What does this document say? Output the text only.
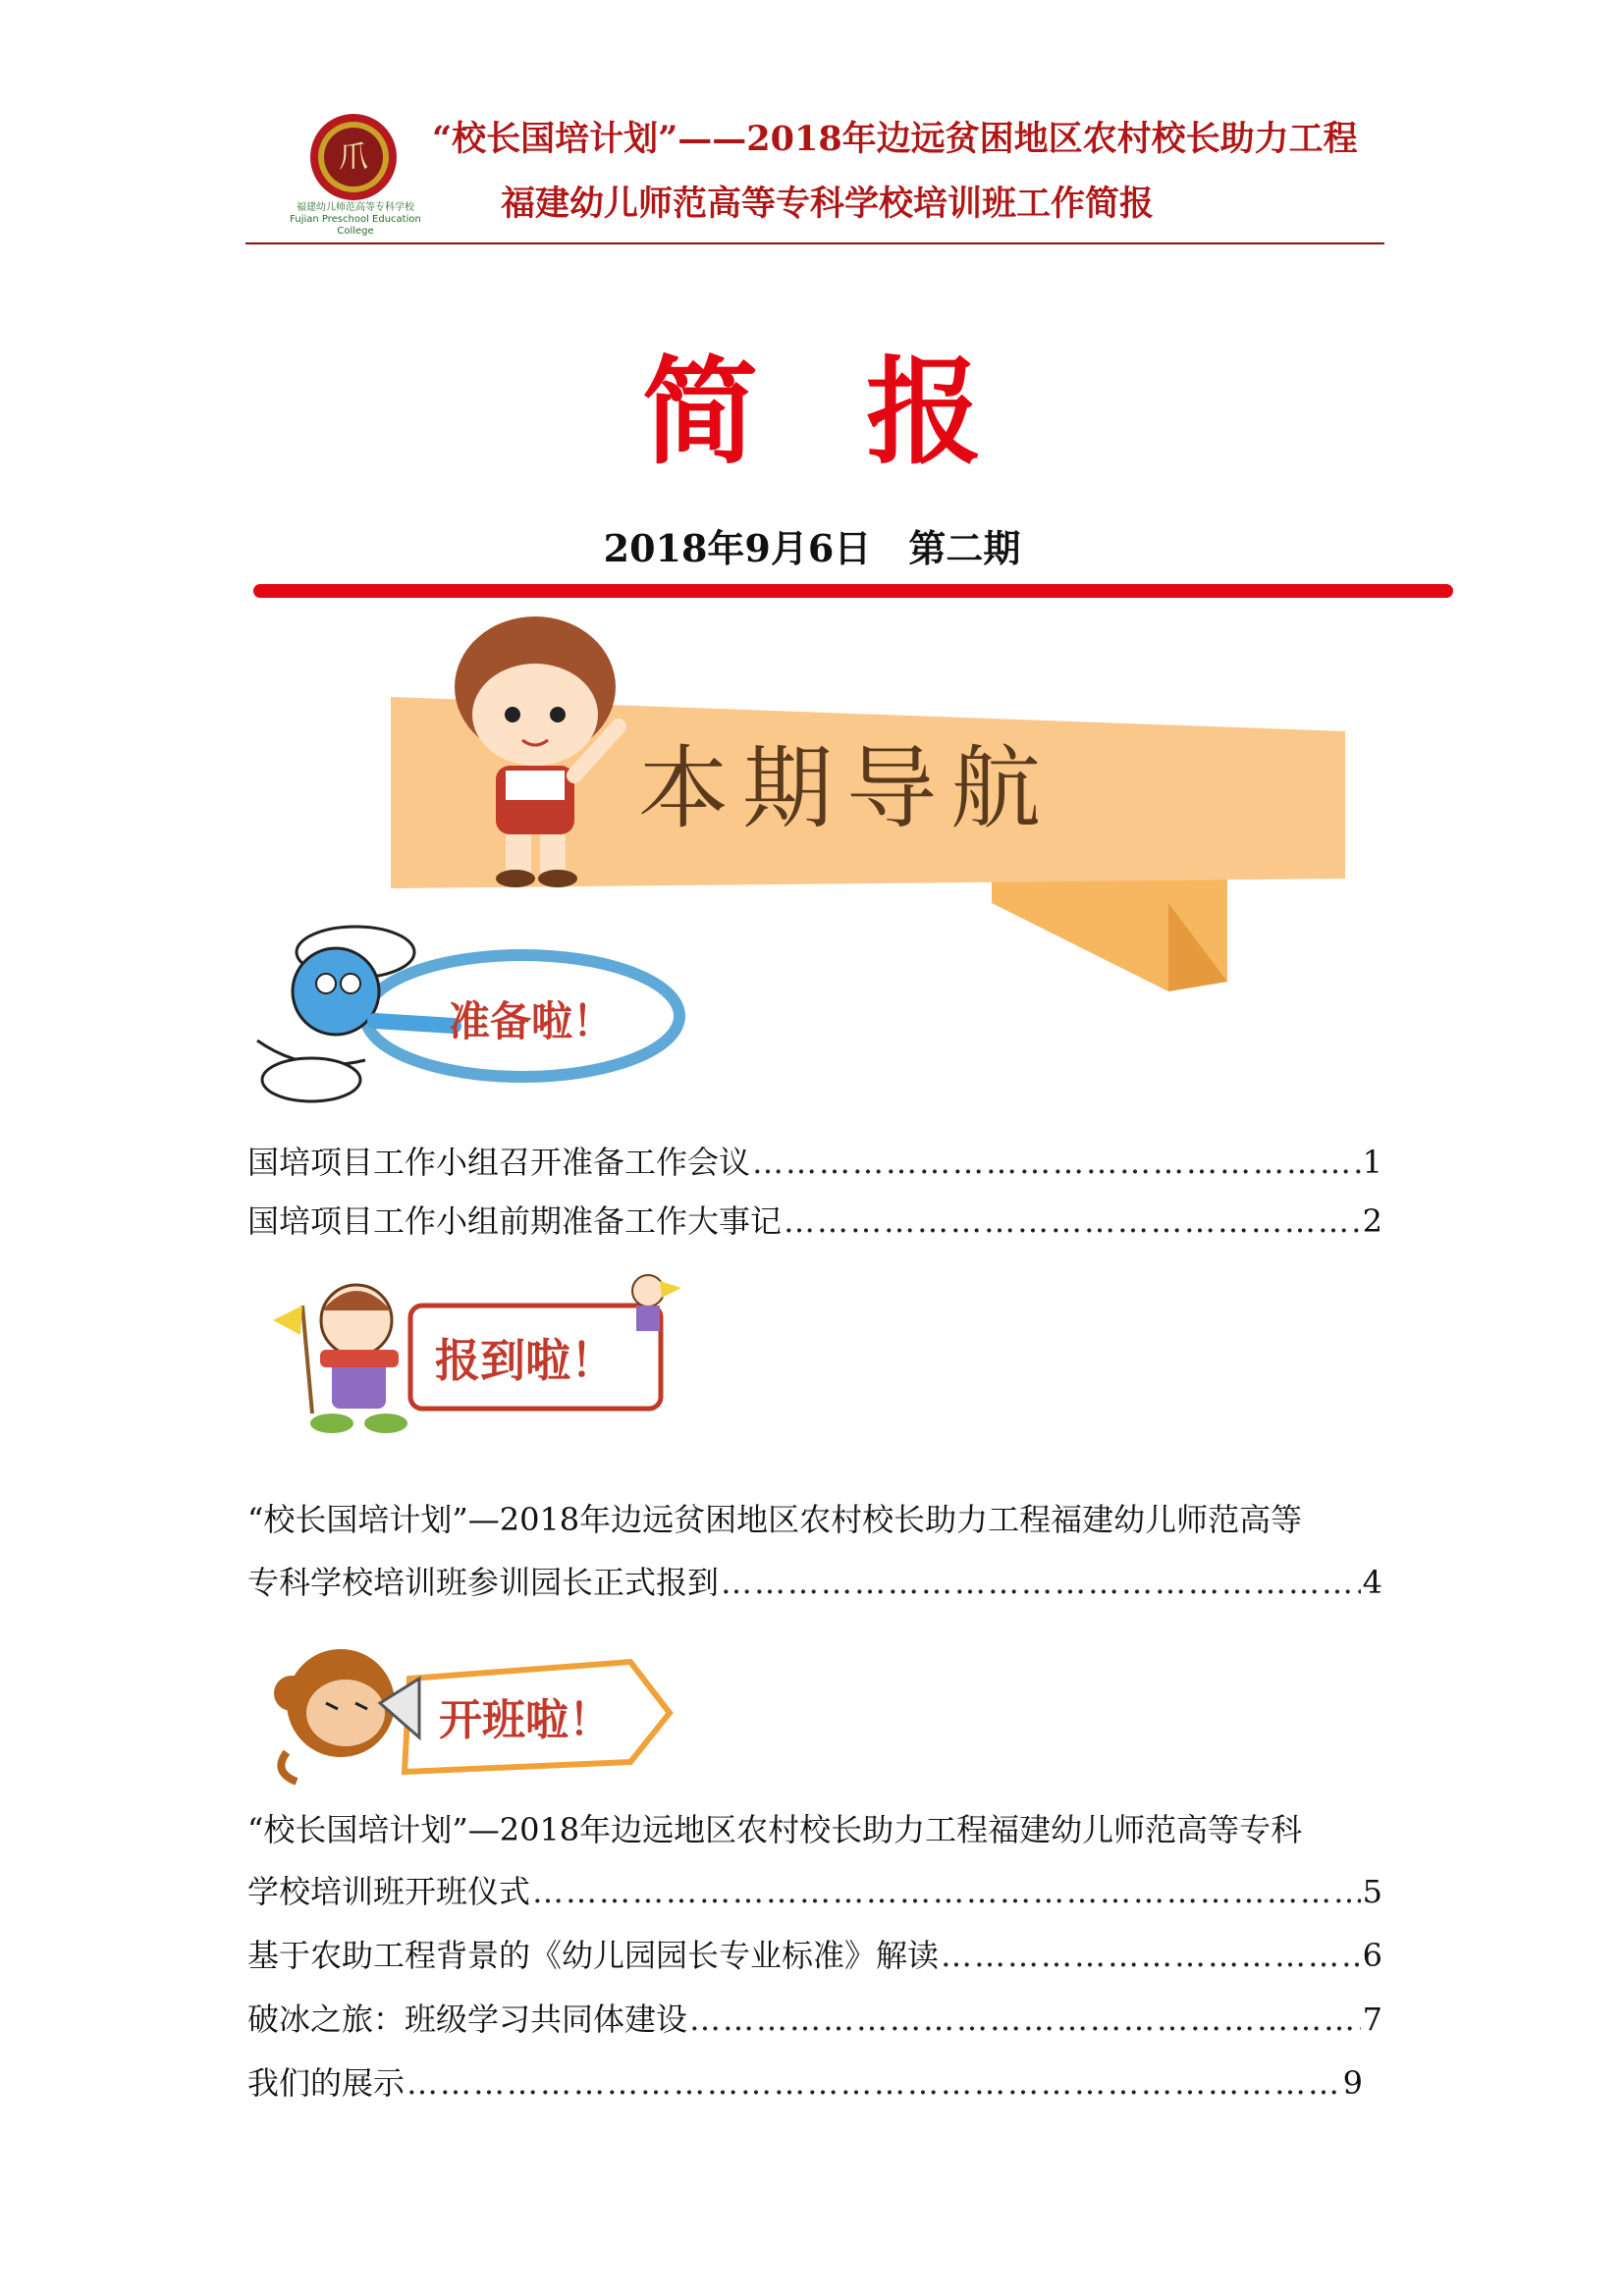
爪
福建幼儿师范高等专科学校
Fujian Preschool Education College
“校长国培计划”——2018年边远贫困地区农村校长助力工程
福建幼儿师范高等专科学校培训班工作简报
简报
2018年9月6日　第二期
本期导航
准备啦！
国培项目工作小组召开准备工作会议 …………………………………………………………………………………………………………………………………………………………………………	1
国培项目工作小组前期准备工作大事记 …………………………………………………………………………………………………………………………………………………………………………	2
报到啦！
“校长国培计划”—2018年边远贫困地区农村校长助力工程福建幼儿师范高等
专科学校培训班参训园长正式报到 …………………………………………………………………………………………………………………………………………………………………………	4
开班啦！
“校长国培计划”—2018年边远地区农村校长助力工程福建幼儿师范高等专科
学校培训班开班仪式 …………………………………………………………………………………………………………………………………………………………………………	5
基于农助工程背景的《幼儿园园长专业标准》解读 …………………………………………………………………………………………………………………………………………………………………………	6
破冰之旅：班级学习共同体建设 …………………………………………………………………………………………………………………………………………………………………………	7
我们的展示 …………………………………………………………………………………………………………………………………………………………………………	9
